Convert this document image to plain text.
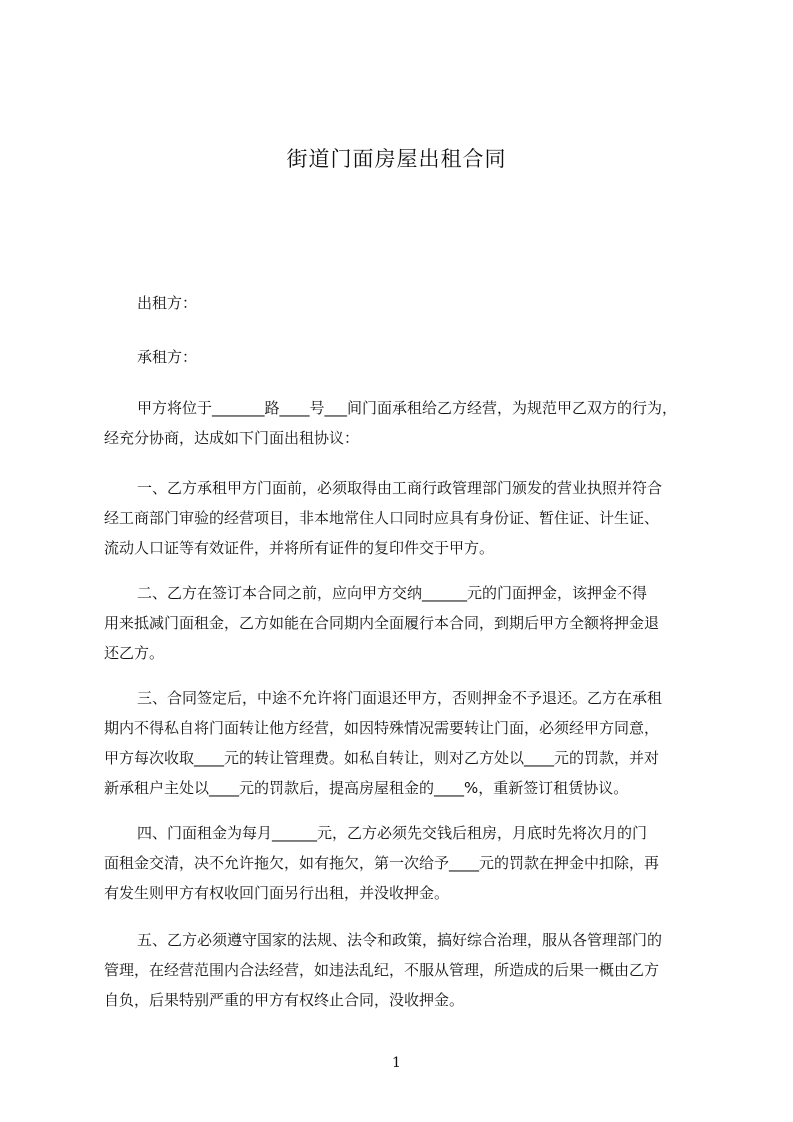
街道门面房屋出租合同
出租方：
承租方：
甲方将位于_______路____号___间门面承租给乙方经营，为规范甲乙双方的行为，
经充分协商，达成如下门面出租协议：
一、乙方承租甲方门面前，必须取得由工商行政管理部门颁发的营业执照并符合
经工商部门审验的经营项目，非本地常住人口同时应具有身份证、暂住证、计生证、
流动人口证等有效证件，并将所有证件的复印件交于甲方。
二、乙方在签订本合同之前，应向甲方交纳______元的门面押金，该押金不得
用来抵减门面租金，乙方如能在合同期内全面履行本合同，到期后甲方全额将押金退
还乙方。
三、合同签定后，中途不允许将门面退还甲方，否则押金不予退还。乙方在承租
期内不得私自将门面转让他方经营，如因特殊情况需要转让门面，必须经甲方同意，
甲方每次收取____元的转让管理费。如私自转让，则对乙方处以____元的罚款，并对
新承租户主处以____元的罚款后，提高房屋租金的____%，重新签订租赁协议。
四、门面租金为每月______元，乙方必须先交钱后租房，月底时先将次月的门
面租金交清，决不允许拖欠，如有拖欠，第一次给予____元的罚款在押金中扣除，再
有发生则甲方有权收回门面另行出租，并没收押金。
五、乙方必须遵守国家的法规、法令和政策，搞好综合治理，服从各管理部门的
管理，在经营范围内合法经营，如违法乱纪，不服从管理，所造成的后果一概由乙方
自负，后果特别严重的甲方有权终止合同，没收押金。
1
